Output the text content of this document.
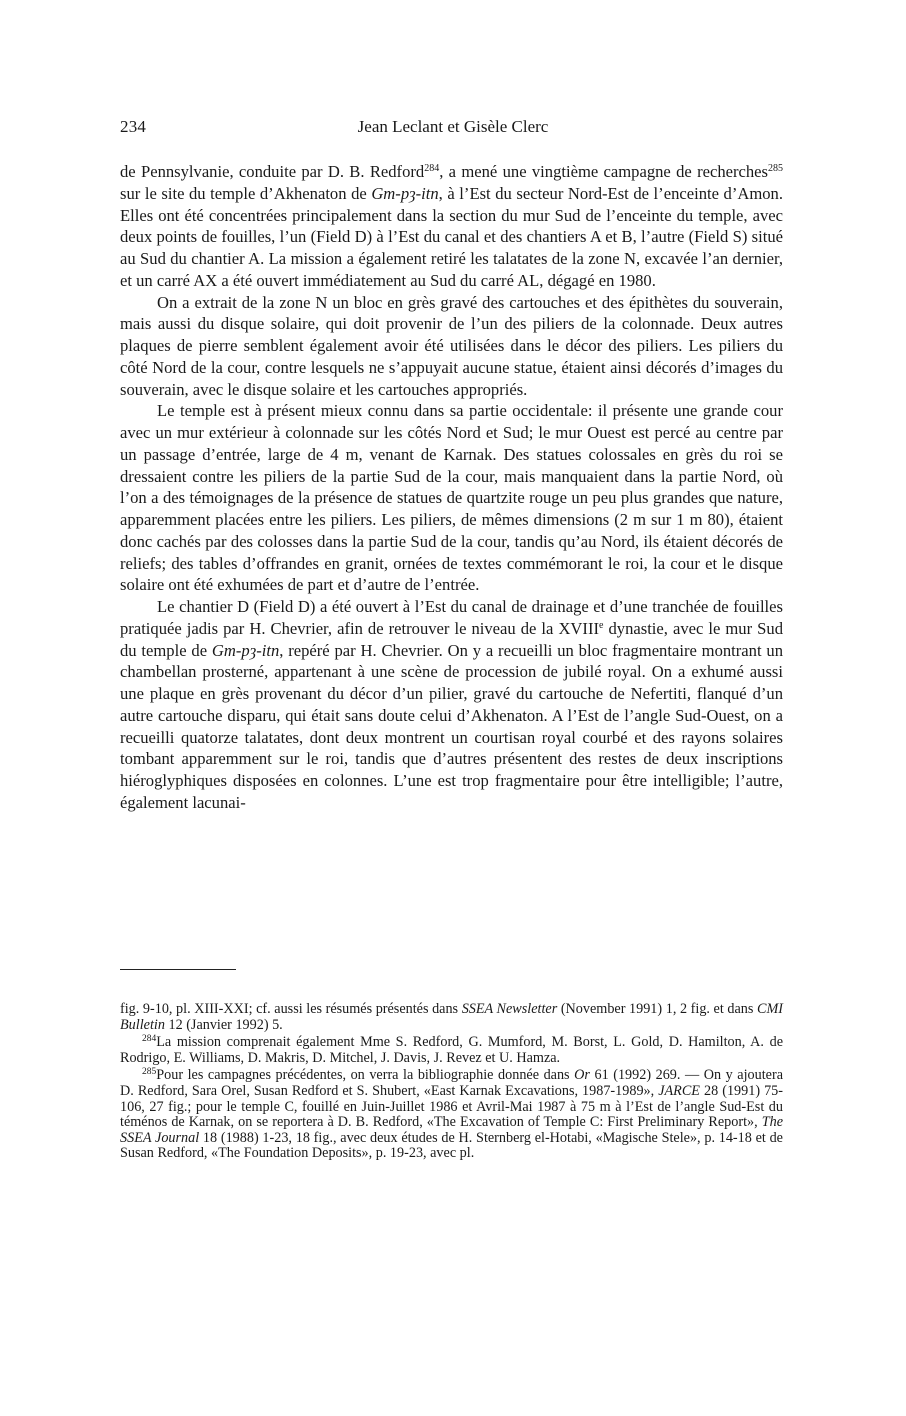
234	Jean Leclant et Gisèle Clerc

de Pennsylvanie, conduite par D. B. Redford$^{284}$, a mené une vingtième campagne de recherches$^{285}$ sur le site du temple d’Akhenaton de Gm-pȝ-itn, à l’Est du secteur Nord-Est de l’enceinte d’Amon. Elles ont été concentrées principalement dans la section du mur Sud de l’enceinte du temple, avec deux points de fouilles, l’un (Field D) à l’Est du canal et des chantiers A et B, l’autre (Field S) situé au Sud du chantier A. La mission a également retiré les talatates de la zone N, excavée l’an dernier, et un carré AX a été ouvert immédiatement au Sud du carré AL, dégagé en 1980.

On a extrait de la zone N un bloc en grès gravé des cartouches et des épithètes du souverain, mais aussi du disque solaire, qui doit provenir de l’un des piliers de la colonnade. Deux autres plaques de pierre semblent également avoir été utilisées dans le décor des piliers. Les piliers du côté Nord de la cour, contre lesquels ne s’appuyait aucune statue, étaient ainsi décorés d’images du souverain, avec le disque solaire et les cartouches appropriés.

Le temple est à présent mieux connu dans sa partie occidentale: il présente une grande cour avec un mur extérieur à colonnade sur les côtés Nord et Sud; le mur Ouest est percé au centre par un passage d’entrée, large de 4 m, venant de Karnak. Des statues colossales en grès du roi se dressaient contre les piliers de la partie Sud de la cour, mais manquaient dans la partie Nord, où l’on a des témoignages de la présence de statues de quartzite rouge un peu plus grandes que nature, apparemment placées entre les piliers. Les piliers, de mêmes dimensions (2 m sur 1 m 80), étaient donc cachés par des colosses dans la partie Sud de la cour, tandis qu’au Nord, ils étaient décorés de reliefs; des tables d’offrandes en granit, ornées de textes commémorant le roi, la cour et le disque solaire ont été exhumées de part et d’autre de l’entrée.

Le chantier D (Field D) a été ouvert à l’Est du canal de drainage et d’une tranchée de fouilles pratiquée jadis par H. Chevrier, afin de retrouver le niveau de la XVIIIe dynastie, avec le mur Sud du temple de Gm-pȝ-itn, repéré par H. Chevrier. On y a recueilli un bloc fragmentaire montrant un chambellan prosterné, appartenant à une scène de procession de jubilé royal. On a exhumé aussi une plaque en grès provenant du décor d’un pilier, gravé du cartouche de Nefertiti, flanqué d’un autre cartouche disparu, qui était sans doute celui d’Akhenaton. A l’Est de l’angle Sud-Ouest, on a recueilli quatorze talatates, dont deux montrent un courtisan royal courbé et des rayons solaires tombant apparemment sur le roi, tandis que d’autres présentent des restes de deux inscriptions hiéroglyphiques disposées en colonnes. L’une est trop fragmentaire pour être intelligible; l’autre, également lacunai-

fig. 9-10, pl. XIII-XXI; cf. aussi les résumés présentés dans SSEA Newsletter (November 1991) 1, 2 fig. et dans CMI Bulletin 12 (Janvier 1992) 5.

$^{284}$La mission comprenait également Mme S. Redford, G. Mumford, M. Borst, L. Gold, D. Hamilton, A. de Rodrigo, E. Williams, D. Makris, D. Mitchel, J. Davis, J. Revez et U. Hamza.

$^{285}$Pour les campagnes précédentes, on verra la bibliographie donnée dans Or 61 (1992) 269. — On y ajoutera D. Redford, Sara Orel, Susan Redford et S. Shubert, «East Karnak Excavations, 1987-1989», JARCE 28 (1991) 75-106, 27 fig.; pour le temple C, fouillé en Juin-Juillet 1986 et Avril-Mai 1987 à 75 m à l’Est de l’angle Sud-Est du téménos de Karnak, on se reportera à D. B. Redford, «The Excavation of Temple C: First Preliminary Report», The SSEA Journal 18 (1988) 1-23, 18 fig., avec deux études de H. Sternberg el-Hotabi, «Magische Stele», p. 14-18 et de Susan Redford, «The Foundation Deposits», p. 19-23, avec pl.
